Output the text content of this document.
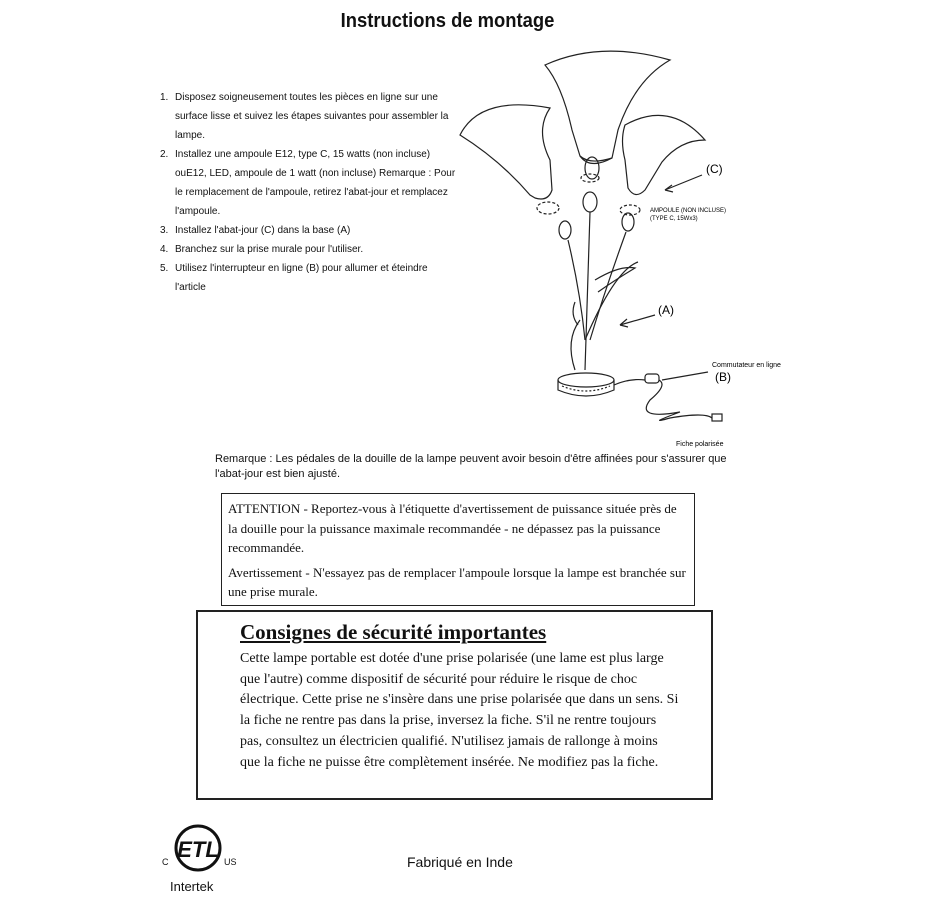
Instructions de montage
1. Disposez soigneusement toutes les pièces en ligne sur une surface lisse et suivez les étapes suivantes pour assembler la lampe.
2. Installez une ampoule E12, type C, 15 watts (non incluse) ouE12, LED, ampoule de 1 watt (non incluse) Remarque : Pour le remplacement de l'ampoule, retirez l'abat-jour et remplacez l'ampoule.
3. Installez l'abat-jour (C) dans la base (A)
4. Branchez sur la prise murale pour l'utiliser.
5. Utilisez l'interrupteur en ligne (B) pour allumer et éteindre l'article
(C)
AMPOULE (NON INCLUSE)
(TYPE C, 15Wx3)
(A)
Commutateur en ligne
(B)
Fiche polarisée
Remarque : Les pédales de la douille de la lampe peuvent avoir besoin d'être affinées pour s'assurer que l'abat-jour est bien ajusté.

ATTENTION - Reportez-vous à l'étiquette d'avertissement de puissance située près de la douille pour la puissance maximale recommandée - ne dépassez pas la puissance recommandée.

Avertissement - N'essayez pas de remplacer l'ampoule lorsque la lampe est branchée sur une prise murale.

Consignes de sécurité importantes

Cette lampe portable est dotée d'une prise polarisée (une lame est plus large que l'autre) comme dispositif de sécurité pour réduire le risque de choc électrique. Cette prise ne s'insère dans une prise polarisée que dans un sens. Si la fiche ne rentre pas dans la prise, inversez la fiche. S'il ne rentre toujours pas, consultez un électricien qualifié. N'utilisez jamais de rallonge à moins que la fiche ne puisse être complètement insérée. Ne modifiez pas la fiche.

ETL
C	US
Intertek
Fabriqué en Inde
